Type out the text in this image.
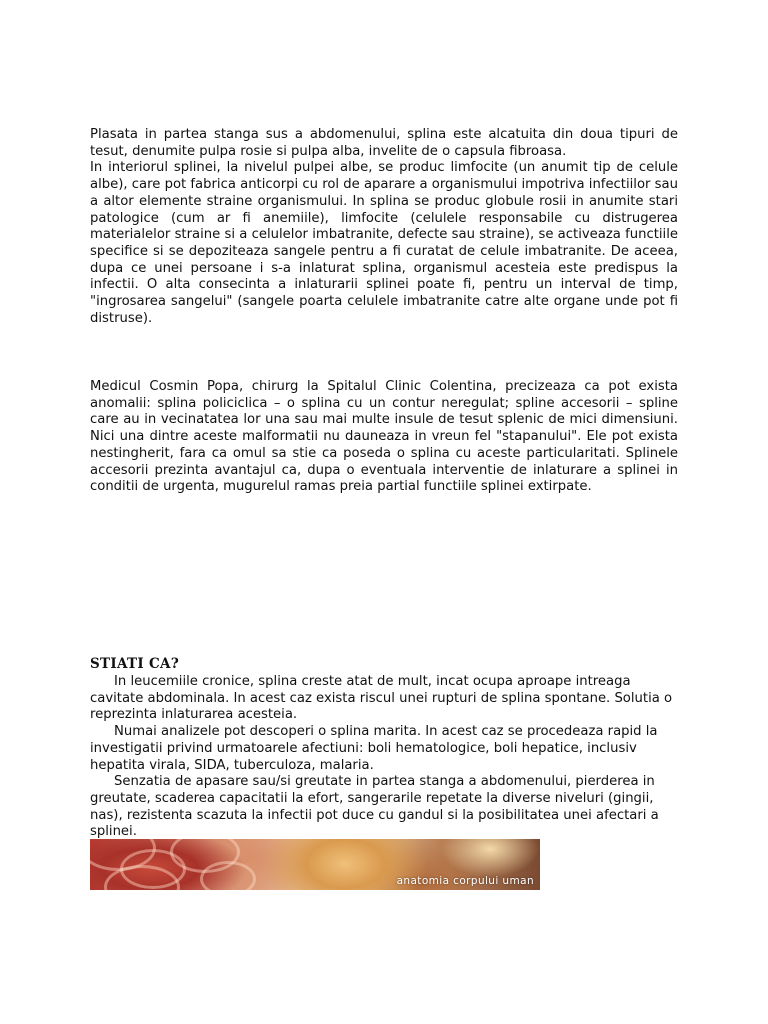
Plasata in partea stanga sus a abdomenului, splina este alcatuita din doua tipuri de tesut, denumite pulpa rosie si pulpa alba, invelite de o capsula fibroasa.

In interiorul splinei, la nivelul pulpei albe, se produc limfocite (un anumit tip de celule albe), care pot fabrica anticorpi cu rol de aparare a organismului impotriva infectiilor sau a altor elemente straine organismului. In splina se produc globule rosii in anumite stari patologice (cum ar fi anemiile), limfocite (celulele responsabile cu distrugerea materialelor straine si a celulelor imbatranite, defecte sau straine), se activeaza functiile specifice si se depoziteaza sangele pentru a fi curatat de celule imbatranite. De aceea, dupa ce unei persoane i s-a inlaturat splina, organismul acesteia este predispus la infectii. O alta consecinta a inlaturarii splinei poate fi, pentru un interval de timp, "ingrosarea sangelui" (sangele poarta celulele imbatranite catre alte organe unde pot fi distruse).

Medicul Cosmin Popa, chirurg la Spitalul Clinic Colentina, precizeaza ca pot exista anomalii: splina policiclica – o splina cu un contur neregulat; spline accesorii – spline care au in vecinatatea lor una sau mai multe insule de tesut splenic de mici dimensiuni. Nici una dintre aceste malformatii nu dauneaza in vreun fel "stapanului". Ele pot exista nestingherit, fara ca omul sa stie ca poseda o splina cu aceste particularitati. Splinele accesorii prezinta avantajul ca, dupa o eventuala interventie de inlaturare a splinei in conditii de urgenta, mugurelul ramas preia partial functiile splinei extirpate.

STIATI CA?

In leucemiile cronice, splina creste atat de mult, incat ocupa aproape intreaga cavitate abdominala. In acest caz exista riscul unei rupturi de splina spontane. Solutia o reprezinta inlaturarea acesteia.

Numai analizele pot descoperi o splina marita. In acest caz se procedeaza rapid la investigatii privind urmatoarele afectiuni: boli hematologice, boli hepatice, inclusiv hepatita virala, SIDA, tuberculoza, malaria.

Senzatia de apasare sau/si greutate in partea stanga a abdomenului, pierderea in greutate, scaderea capacitatii la efort, sangerarile repetate la diverse niveluri (gingii, nas), rezistenta scazuta la infectii pot duce cu gandul si la posibilitatea unei afectari a splinei.

anatomia corpului uman
